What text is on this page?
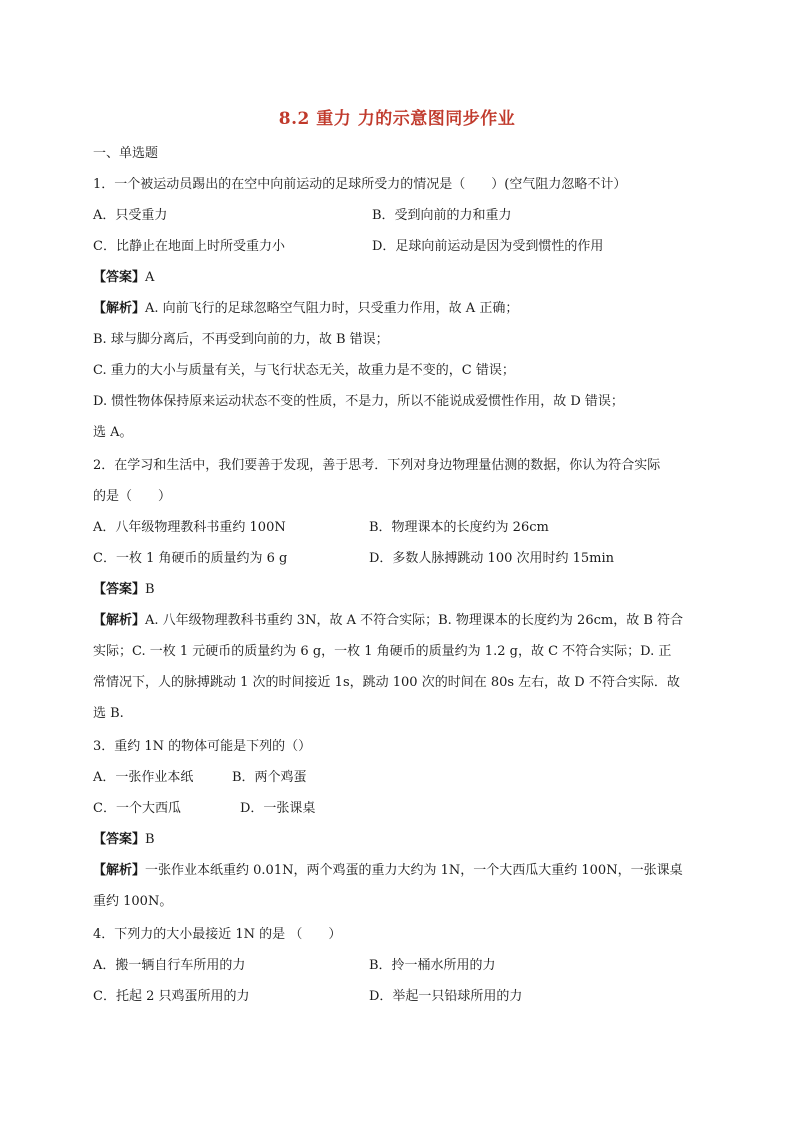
8.2 重力 力的示意图同步作业
一、单选题
1．一个被运动员踢出的在空中向前运动的足球所受力的情况是（　　）(空气阻力忽略不计）
A．只受重力	B．受到向前的力和重力
C．比静止在地面上时所受重力小	D．足球向前运动是因为受到惯性的作用
【答案】A
【解析】A. 向前飞行的足球忽略空气阻力时，只受重力作用，故 A 正确；
B. 球与脚分离后，不再受到向前的力，故 B 错误；
C. 重力的大小与质量有关，与飞行状态无关，故重力是不变的，C 错误；
D. 惯性物体保持原来运动状态不变的性质，不是力，所以不能说成爱惯性作用，故 D 错误；
选 A。
2．在学习和生活中，我们要善于发现，善于思考．下列对身边物理量估测的数据，你认为符合实际
的是（　　）
A．八年级物理教科书重约 100N	B．物理课本的长度约为 26cm
C．一枚 1 角硬币的质量约为 6 g	D．多数人脉搏跳动 100 次用时约 15min
【答案】B
【解析】A. 八年级物理教科书重约 3N，故 A 不符合实际；B. 物理课本的长度约为 26cm，故 B 符合
实际；C. 一枚 1 元硬币的质量约为 6 g，一枚 1 角硬币的质量约为 1.2 g，故 C 不符合实际；D. 正
常情况下，人的脉搏跳动 1 次的时间接近 1s，跳动 100 次的时间在 80s 左右，故 D 不符合实际．故
选 B.
3．重约 1N 的物体可能是下列的（）
A．一张作业本纸	B．两个鸡蛋
C．一个大西瓜	D．一张课桌
【答案】B
【解析】一张作业本纸重约 0.01N，两个鸡蛋的重力大约为 1N，一个大西瓜大重约 100N，一张课桌
重约 100N。
4．下列力的大小最接近 1N 的是 （　　）
A．搬一辆自行车所用的力	B．拎一桶水所用的力
C．托起 2 只鸡蛋所用的力	D．举起一只铅球所用的力
